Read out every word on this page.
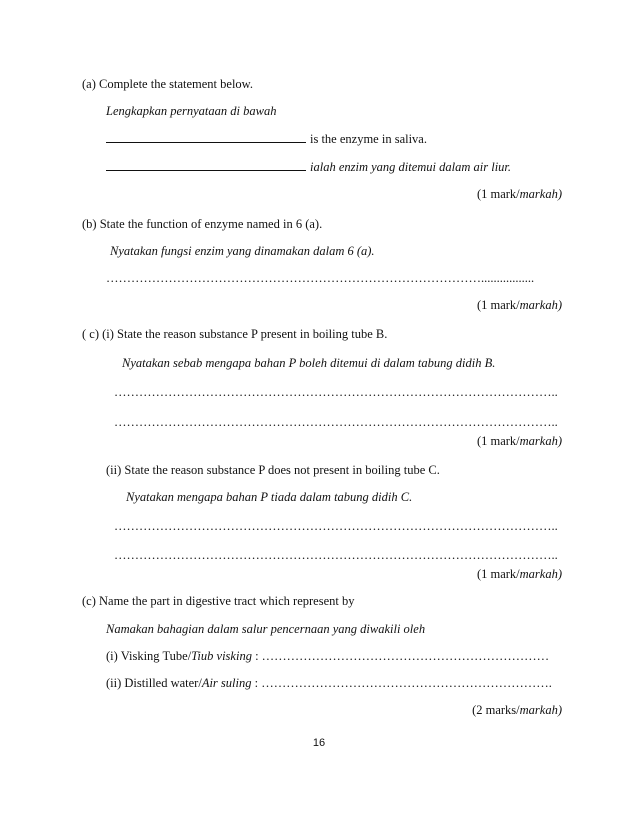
(a) Complete the statement below.
Lengkapkan pernyataan di bawah
is the enzyme in saliva.
ialah enzim yang ditemui dalam air liur.
(1 mark/markah)
(b) State the function of enzyme named in 6 (a).
Nyatakan fungsi enzim yang dinamakan dalam 6 (a).
……………………………………………………………………………….................
(1 mark/markah)
( c) (i) State the reason substance P present in boiling tube B.
Nyatakan sebab mengapa bahan P boleh ditemui di dalam tabung didih B.
……………………………………………………………………………………………..
……………………………………………………………………………………………..
(1 mark/markah)
(ii) State the reason substance P does not present in boiling tube C.
Nyatakan mengapa bahan P tiada dalam tabung didih C.
……………………………………………………………………………………………..
……………………………………………………………………………………………..
(1 mark/markah)
(c) Name the part in digestive tract which represent by
Namakan bahagian dalam salur pencernaan yang diwakili oleh
(i) Visking Tube/Tiub visking : ……………………………………………………………
(ii) Distilled water/Air suling : …………………………………………………………….
(2 marks/markah)
16
